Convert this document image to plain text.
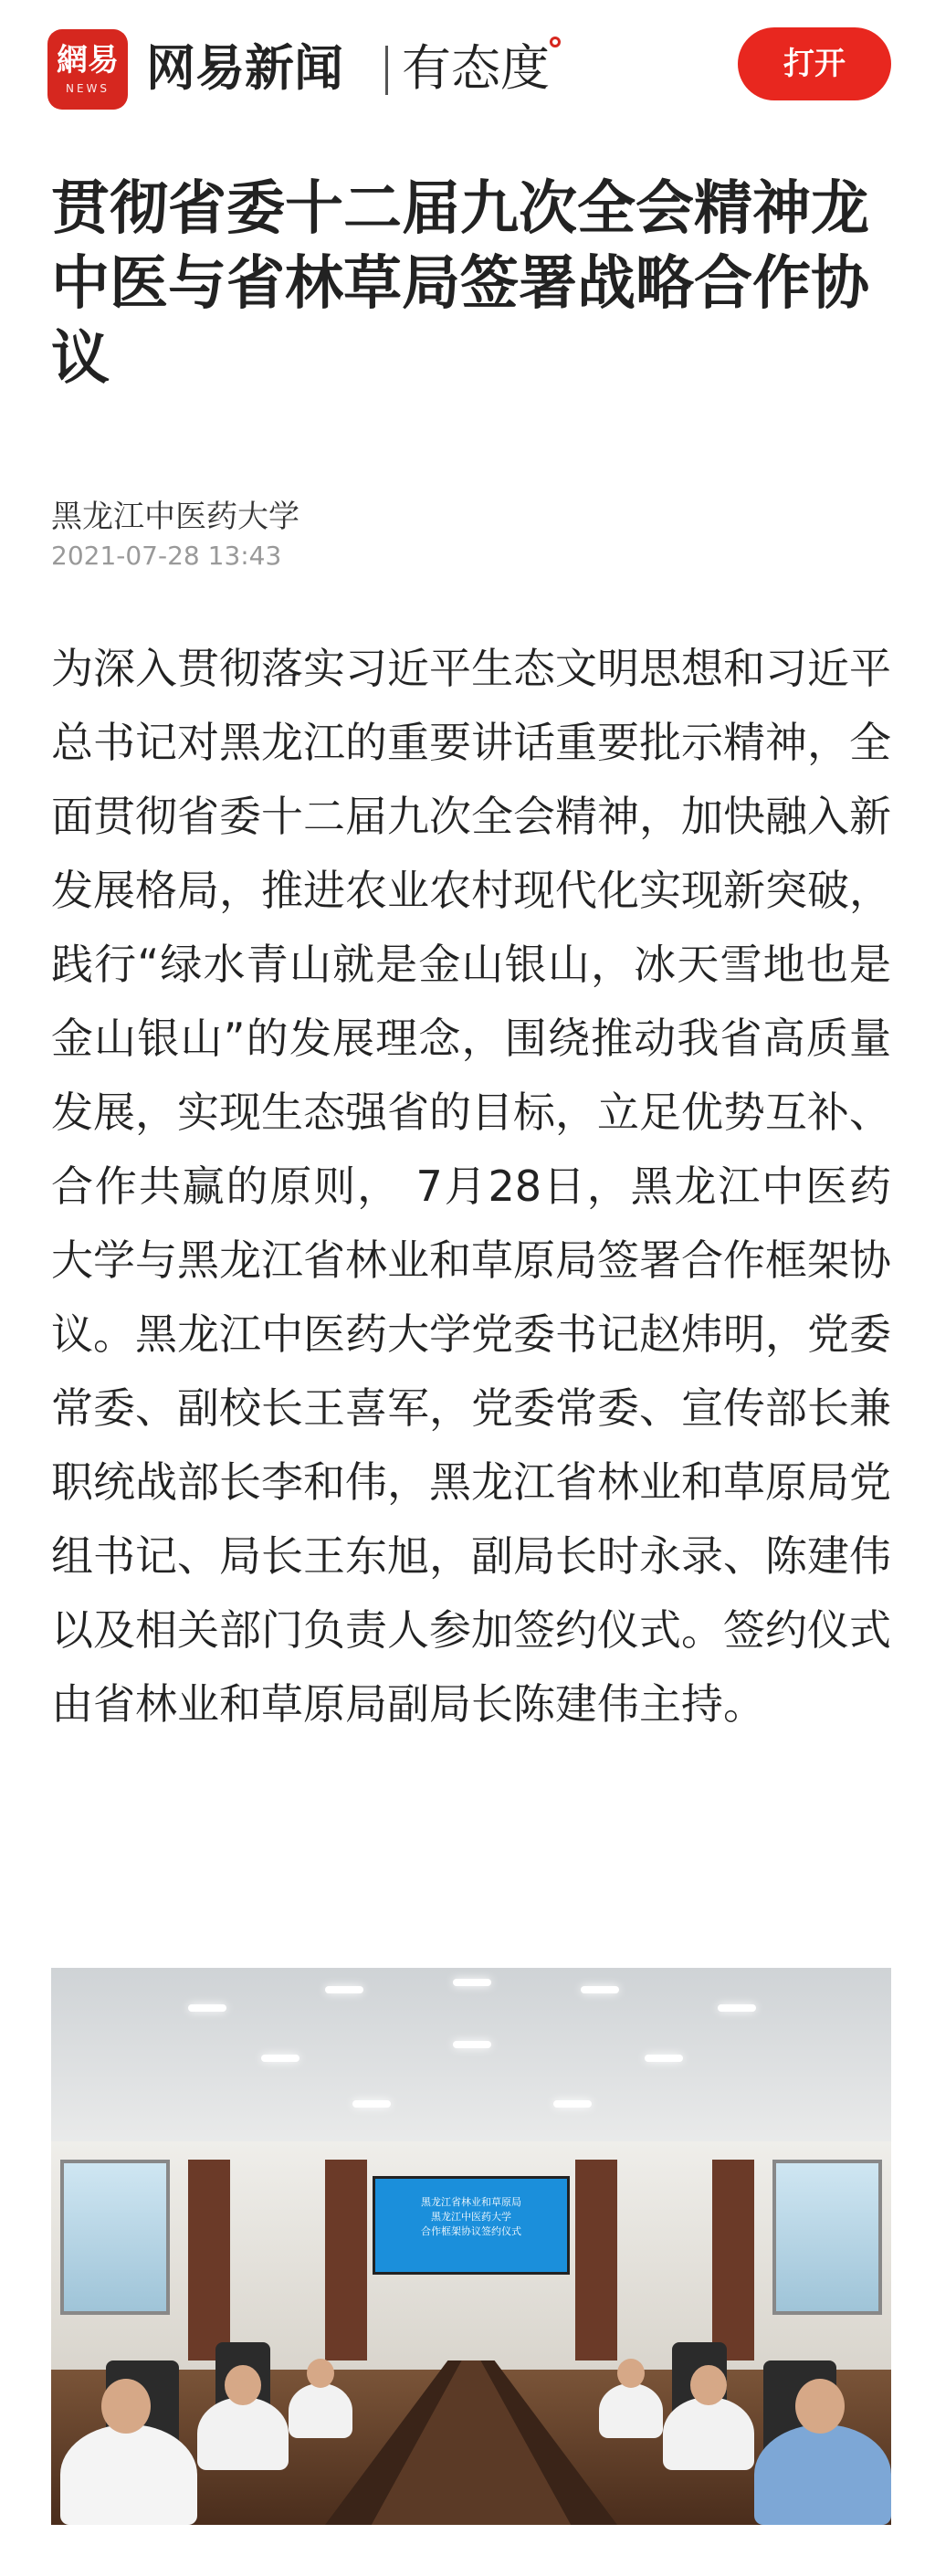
網易
NEWS 网易新闻 有态度	打开
贯彻省委十二届九次全会精神龙中医与省林草局签署战略合作协议
黑龙江中医药大学
2021-07-28 13:43

为深入贯彻落实习近平生态文明思想和习近平总书记对黑龙江的重要讲话重要批示精神，全面贯彻省委十二届九次全会精神，加快融入新发展格局，推进农业农村现代化实现新突破，践行“绿水青山就是金山银山，冰天雪地也是金山银山”的发展理念，围绕推动我省高质量发展，实现生态强省的目标，立足优势互补、合作共赢的原则， 7月28日，黑龙江中医药大学与黑龙江省林业和草原局签署合作框架协议。黑龙江中医药大学党委书记赵炜明，党委常委、副校长王喜军，党委常委、宣传部长兼职统战部长李和伟，黑龙江省林业和草原局党组书记、局长王东旭，副局长时永录、陈建伟以及相关部门负责人参加签约仪式。签约仪式由省林业和草原局副局长陈建伟主持。

黑龙江省林业和草原局
黑龙江中医药大学
合作框架协议签约仪式
